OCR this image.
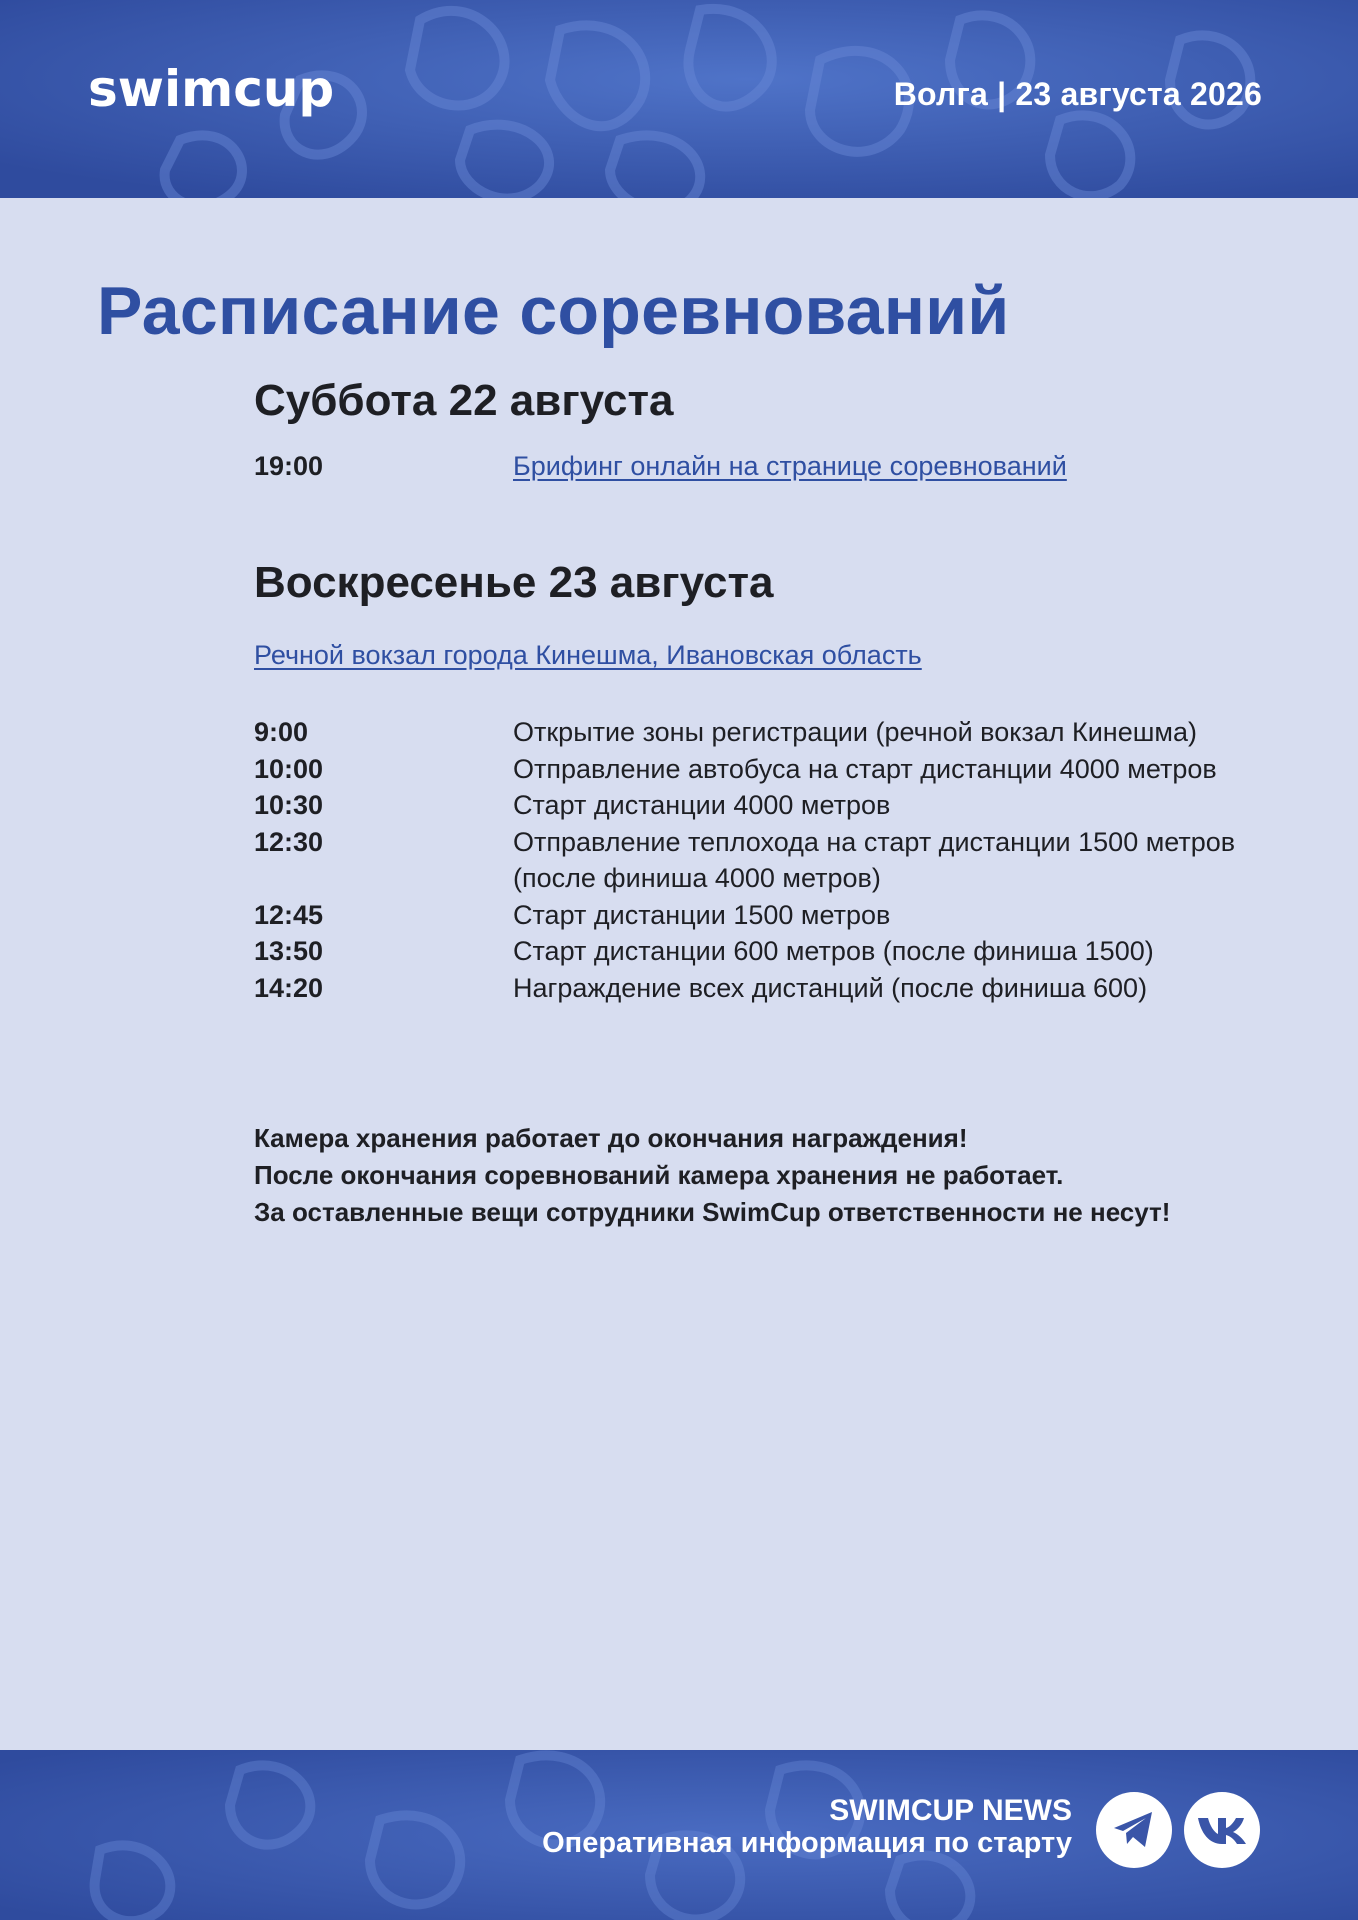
swimcup	Волга | 23 августа 2026
Расписание соревнований
Суббота 22 августа
19:00	Брифинг онлайн на странице соревнований
Воскресенье 23 августа
Речной вокзал города Кинешма, Ивановская область
9:00	Открытие зоны регистрации (речной вокзал Кинешма)
10:00	Отправление автобуса на старт дистанции 4000 метров
10:30	Старт дистанции 4000 метров
12:30	Отправление теплохода на старт дистанции 1500 метров
(после финиша 4000 метров)
12:45	Старт дистанции 1500 метров
13:50	Старт дистанции 600 метров (после финиша 1500)
14:20	Награждение всех дистанций (после финиша 600)
Камера хранения работает до окончания награждения!
После окончания соревнований камера хранения не работает.
За оставленные вещи сотрудники SwimCup ответственности не несут!
SWIMCUP NEWS
Оперативная информация по старту
